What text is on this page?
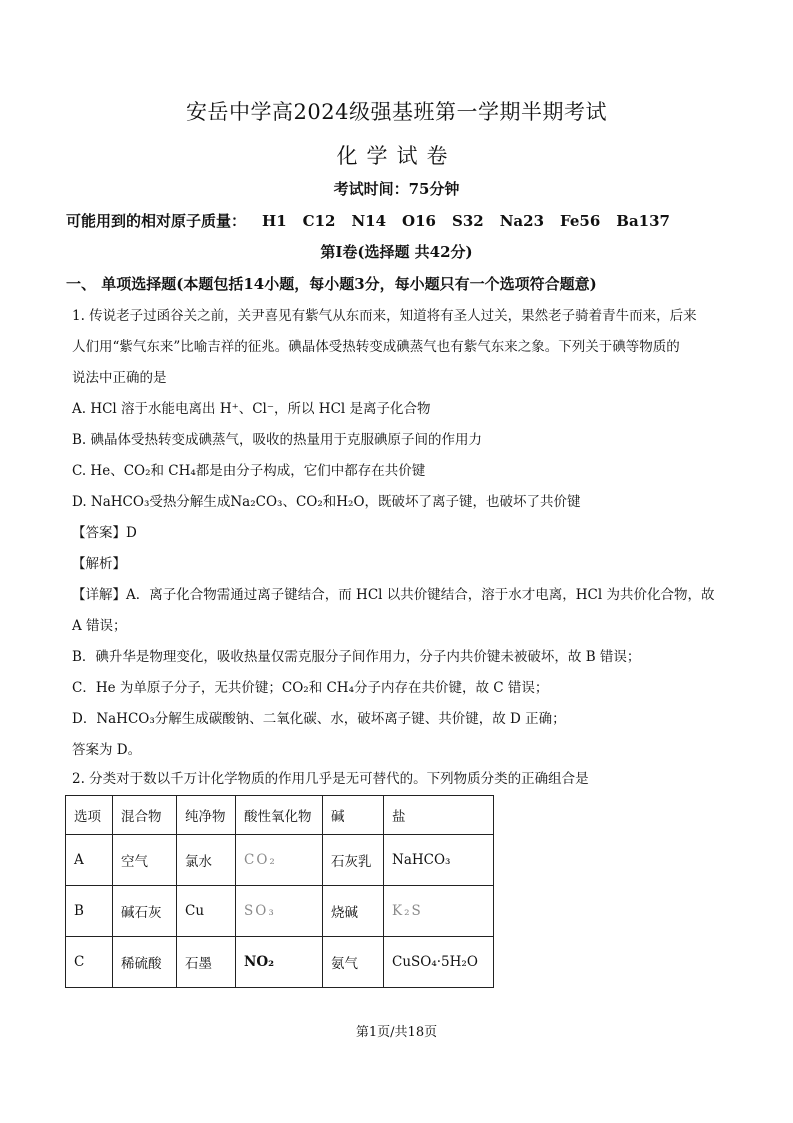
安岳中学高2024级强基班第一学期半期考试
化学试卷
考试时间：75分钟
可能用到的相对原子质量： H1 C12 N14 O16 S32 Na23 Fe56 Ba137
第Ⅰ卷(选择题 共42分)
一、 单项选择题(本题包括14小题，每小题3分，每小题只有一个选项符合题意)
1. 传说老子过函谷关之前，关尹喜见有紫气从东而来，知道将有圣人过关，果然老子骑着青牛而来，后来
人们用“紫气东来”比喻吉祥的征兆。碘晶体受热转变成碘蒸气也有紫气东来之象。下列关于碘等物质的
说法中正确的是
A. HCl 溶于水能电离出 H⁺、Cl⁻，所以 HCl 是离子化合物
B. 碘晶体受热转变成碘蒸气，吸收的热量用于克服碘原子间的作用力
C. He、CO₂和 CH₄都是由分子构成，它们中都存在共价键
D. NaHCO₃受热分解生成Na₂CO₃、CO₂和H₂O，既破坏了离子键，也破坏了共价键
【答案】D
【解析】
【详解】A．离子化合物需通过离子键结合，而 HCl 以共价键结合，溶于水才电离，HCl 为共价化合物，故
A 错误；
B．碘升华是物理变化，吸收热量仅需克服分子间作用力，分子内共价键未被破坏，故 B 错误；
C．He 为单原子分子，无共价键；CO₂和 CH₄分子内存在共价键，故 C 错误；
D．NaHCO₃分解生成碳酸钠、二氧化碳、水，破坏离子键、共价键，故 D 正确；
答案为 D。
2. 分类对于数以千万计化学物质的作用几乎是无可替代的。下列物质分类的正确组合是
选项	混合物	纯净物	酸性氧化物	碱	盐
A	空气	氯水	CO₂	石灰乳	NaHCO₃
B	碱石灰	Cu	SO₃	烧碱	K₂S
C	稀硫酸	石墨	NO₂	氨气	CuSO₄·5H₂O
第1页/共18页
